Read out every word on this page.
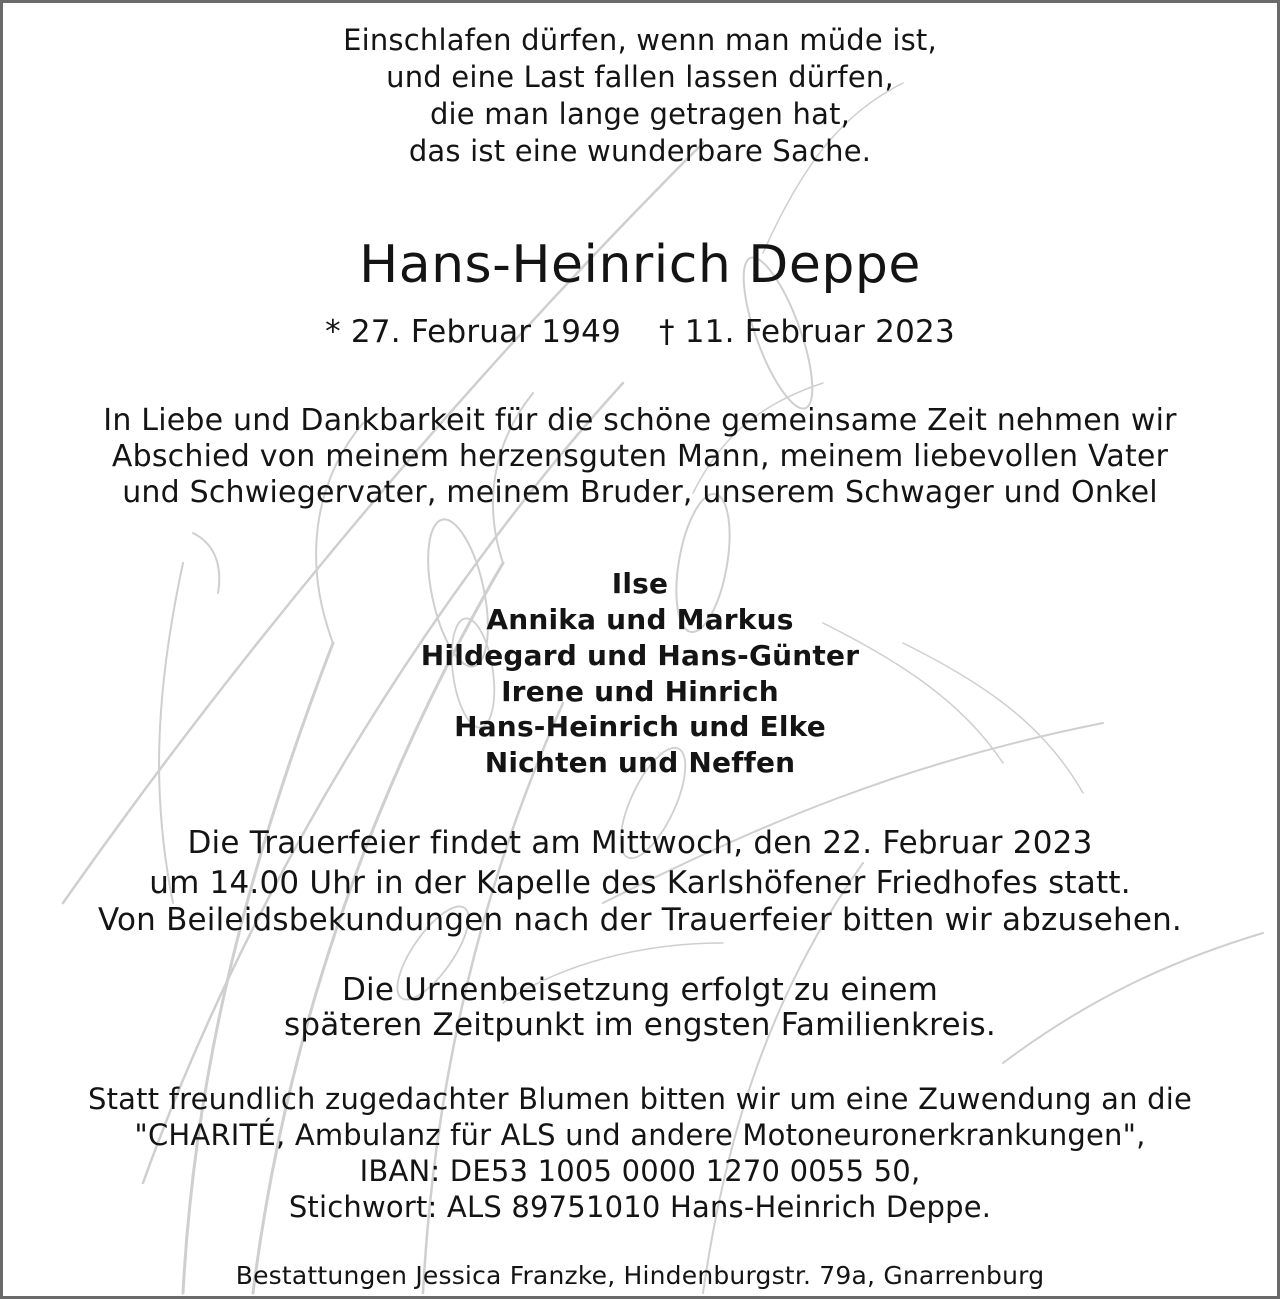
Einschlafen dürfen, wenn man müde ist,
und eine Last fallen lassen dürfen,
die man lange getragen hat,
das ist eine wunderbare Sache.
Hans-Heinrich Deppe
* 27. Februar 1949 † 11. Februar 2023
In Liebe und Dankbarkeit für die schöne gemeinsame Zeit nehmen wir
Abschied von meinem herzensguten Mann, meinem liebevollen Vater
und Schwiegervater, meinem Bruder, unserem Schwager und Onkel
Ilse
Annika und Markus
Hildegard und Hans-Günter
Irene und Hinrich
Hans-Heinrich und Elke
Nichten und Neffen
Die Trauerfeier findet am Mittwoch, den 22. Februar 2023
um 14.00 Uhr in der Kapelle des Karlshöfener Friedhofes statt.
Von Beileidsbekundungen nach der Trauerfeier bitten wir abzusehen.
Die Urnenbeisetzung erfolgt zu einem
späteren Zeitpunkt im engsten Familienkreis.
Statt freundlich zugedachter Blumen bitten wir um eine Zuwendung an die
"CHARITÉ, Ambulanz für ALS und andere Motoneuronerkrankungen",
IBAN: DE53 1005 0000 1270 0055 50,
Stichwort: ALS 89751010 Hans-Heinrich Deppe.
Bestattungen Jessica Franzke, Hindenburgstr. 79a, Gnarrenburg
